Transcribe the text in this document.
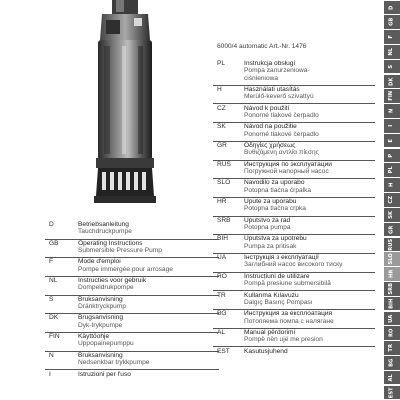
6000/4 automatic Art.-Nr. 1476
PL	Instrukcja obsługi
Pompa zanurzeniowa-
ciśnieniowa
H	Használati utasítás
Merülő-keverő szivattyú
CZ	Návod k použití
Ponorné tlakové čerpadlo
SK	Návod na použitie
Ponorné tlakové čerpadlo
GR	Οδηγίες χρήσεως
Βυθιζόμενη αντλία πίεσης
RUS	Инструкция по эксплуатации
Погружной напорный насос
SLO	Navodilo za uporabo
Potopna tlačna črpalka
HR	Upute za uporabu
Potopna tlačna crpka
SRB	Uputstvo za rad
Potopna pumpa
BIH	Uputstva za upotrebu
Pumpa za pritisak
UA	Інструкція з експлуатації
Заглибний насос високого тиску
RO	Instrucțiuni de utilizare
Pompă presiune submersibilă
TR	Kullanma Kılavuzu
Dalgıç Basınç Pompası
BG	Инструкция за експлоатация
Потопяема помпа с налягане
AL	Manual përdorimi
Pompë nën ujë me presion
EST	Kasutusjuhend
D	Betriebsanleitung
Tauchdruckpumpe
GB	Operating Instructions
Submersible Pressure Pump
F	Mode d'emploi
Pompe immergée pour arrosage
NL	Instructies voor gebruik
Dompeldrukpompe
S	Bruksanvisning
Dränktryckpump
DK	Brugsanvisning
Dyk-trykpumpe
FIN	Käyttöohje
Uppopainepumppu
N	Bruksanvisning
Nedsenkbar trykkpumpe
I	Istruzioni per l'uso
D
GB
F
NL
S
DK
FIN
N
I
E
P
PL
H
CZ
SK
GR
RUS
SLO
HR
SRB
BIH
UA
RO
TR
BG
AL
EST
